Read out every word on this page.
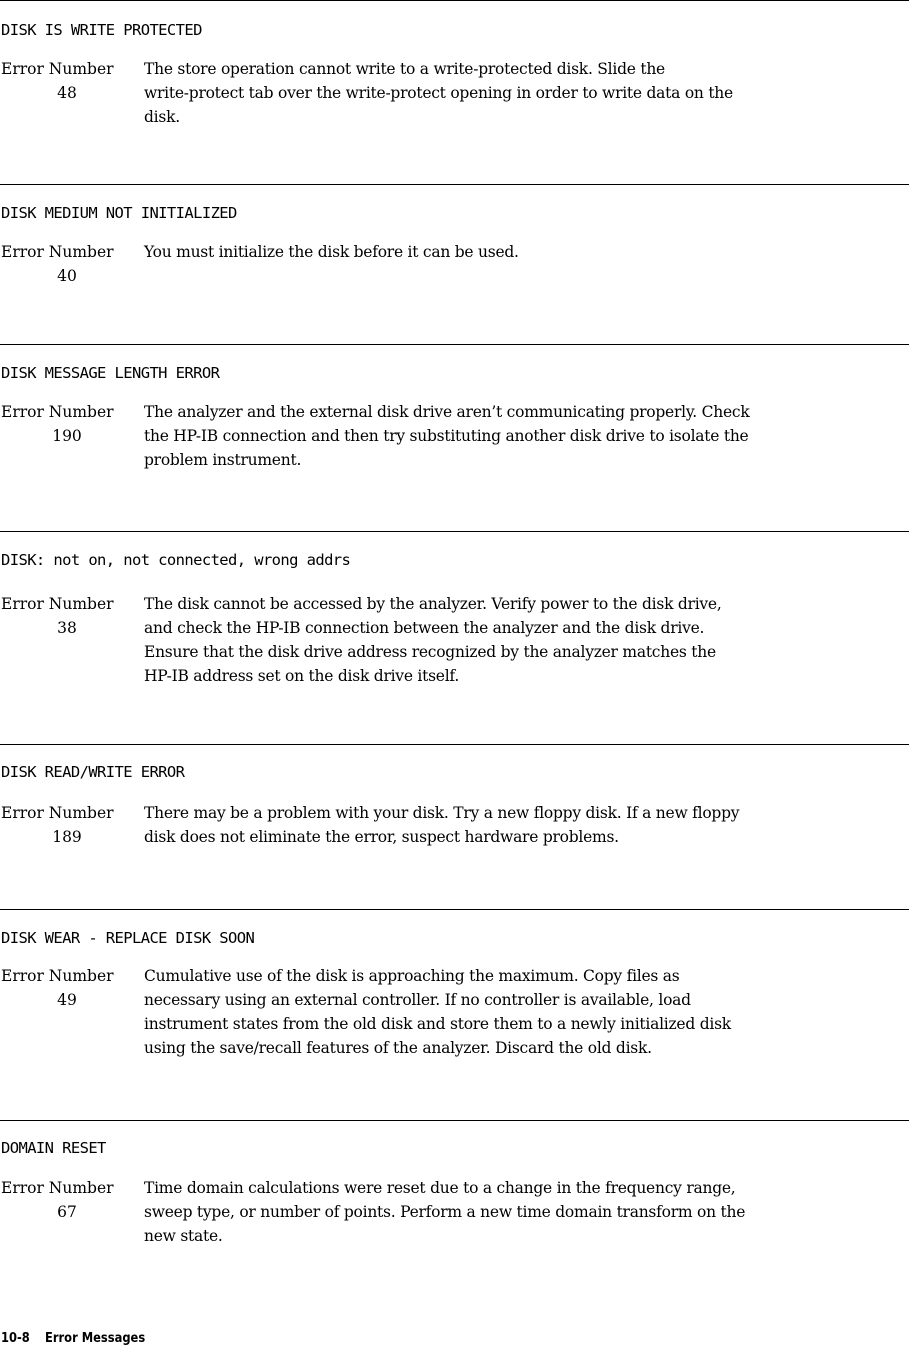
DISK IS WRITE PROTECTED
Error Number
48
The store operation cannot write to a write-protected disk. Slide the
write-protect tab over the write-protect opening in order to write data on the
disk.
DISK MEDIUM NOT INITIALIZED
Error Number
40
You must initialize the disk before it can be used.
DISK MESSAGE LENGTH ERROR
Error Number
190
The analyzer and the external disk drive aren’t communicating properly. Check
the HP-IB connection and then try substituting another disk drive to isolate the
problem instrument.
DISK: not on, not connected, wrong addrs
Error Number
38
The disk cannot be accessed by the analyzer. Verify power to the disk drive,
and check the HP-IB connection between the analyzer and the disk drive.
Ensure that the disk drive address recognized by the analyzer matches the
HP-IB address set on the disk drive itself.
DISK READ/WRITE ERROR
Error Number
189
There may be a problem with your disk. Try a new floppy disk. If a new floppy
disk does not eliminate the error, suspect hardware problems.
DISK WEAR - REPLACE DISK SOON
Error Number
49
Cumulative use of the disk is approaching the maximum. Copy files as
necessary using an external controller. If no controller is available, load
instrument states from the old disk and store them to a newly initialized disk
using the save/recall features of the analyzer. Discard the old disk.
DOMAIN RESET
Error Number
67
Time domain calculations were reset due to a change in the frequency range,
sweep type, or number of points. Perform a new time domain transform on the
new state.
10-8 Error Messages
